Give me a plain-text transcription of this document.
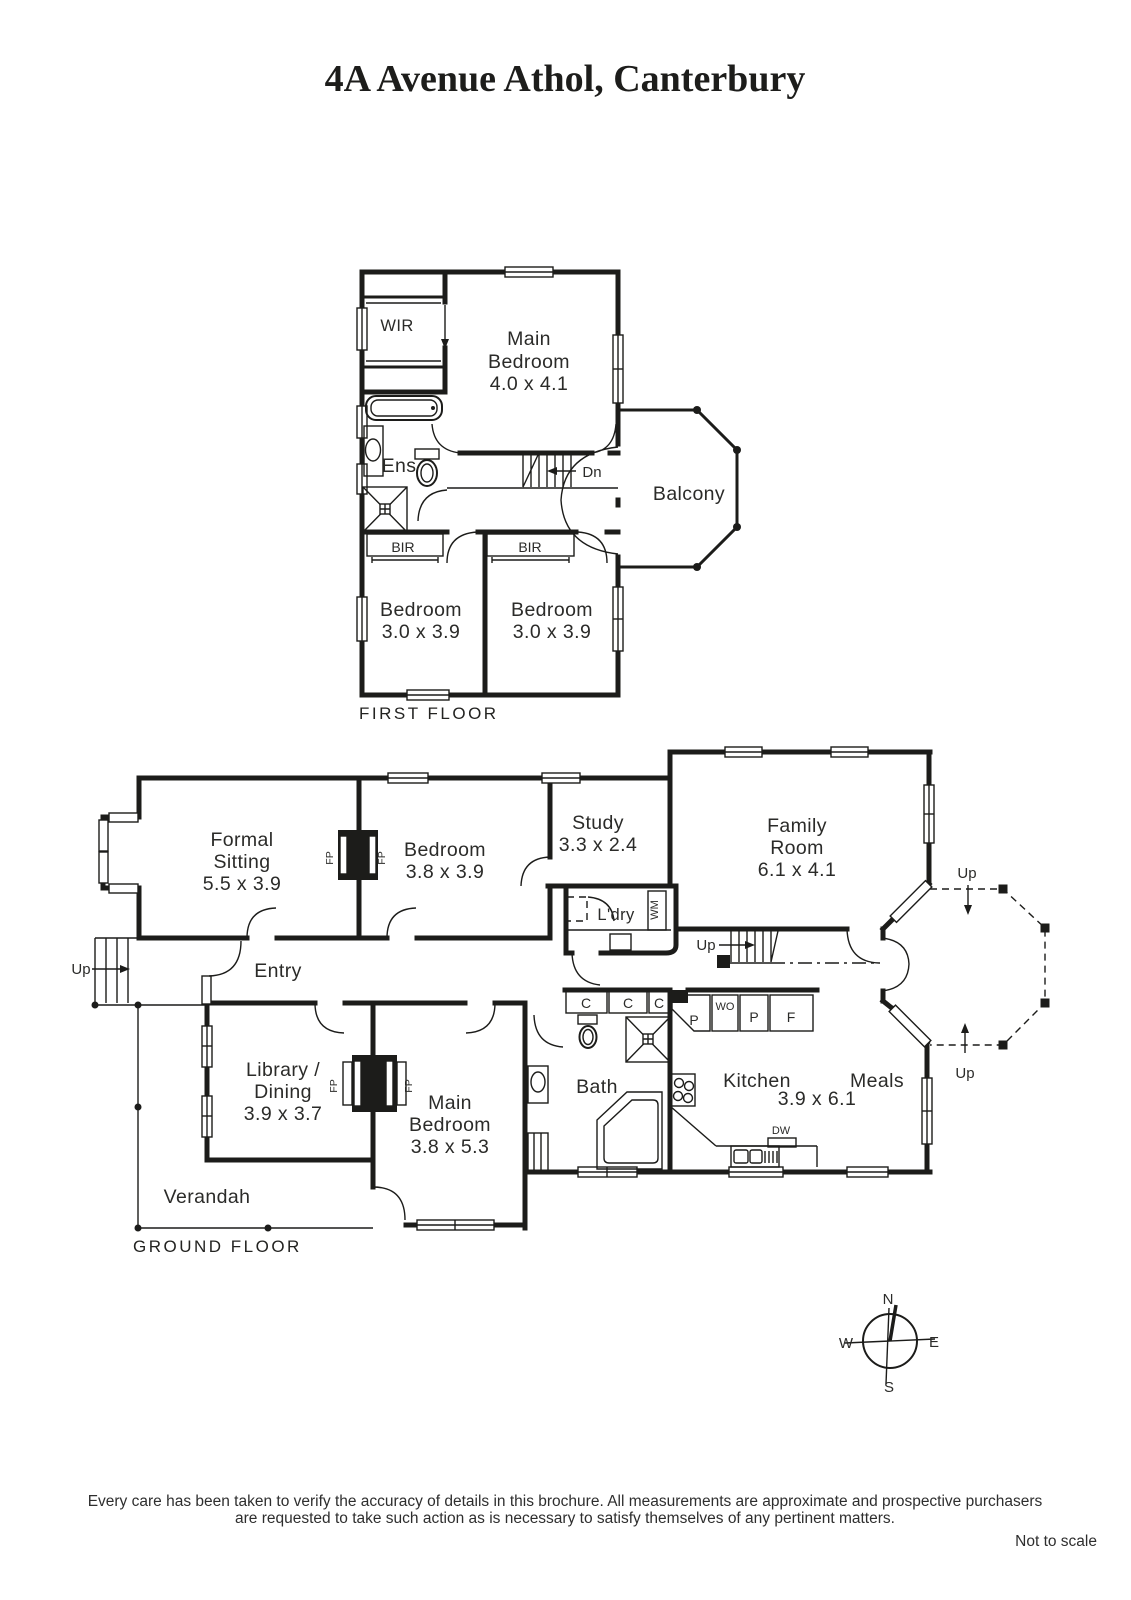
4A Avenue Athol, Canterbury
WIR
Main
Bedroom
4.0 x 4.1
Ens	Dn
Balcony
BIR	BIR
Bedroom
3.0 x 3.9
Bedroom
3.0 x 3.9
FIRST FLOOR
Formal
Sitting
5.5 x 3.9
Bedroom
3.8 x 3.9
Study
3.3 x 2.4
Family
Room
6.1 x 4.1
L'dry WM
Entry
Up
Up
Up
Up
Library /
Dining
3.9 x 3.7	Main
Bedroom
3.8 x 5.3
Bath	Kitchen
3.9 x 6.1
Meals
Verandah
C C C
P
WO
P F
DW
FP	FP
FP	FP
GROUND FLOOR
N
E
W
S
Every care has been taken to verify the accuracy of details in this brochure. All measurements are approximate and prospective purchasers
are requested to take such action as is necessary to satisfy themselves of any pertinent matters.
Not to scale
